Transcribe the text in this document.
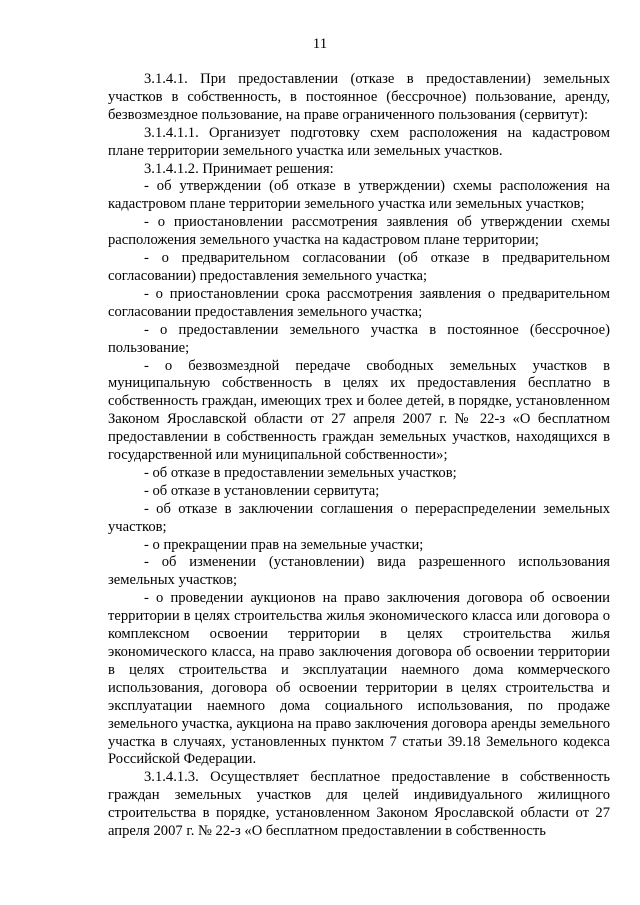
11

3.1.4.1. При предоставлении (отказе в предоставлении) земельных участков в собственность, в постоянное (бессрочное) пользование, аренду, безвозмездное пользование, на праве ограниченного пользования (сервитут):

3.1.4.1.1. Организует подготовку схем расположения на кадастровом плане территории земельного участка или земельных участков.

3.1.4.1.2. Принимает решения:

- об утверждении (об отказе в утверждении) схемы расположения на кадастровом плане территории земельного участка или земельных участков;

- о приостановлении рассмотрения заявления об утверждении схемы расположения земельного участка на кадастровом плане территории;

- о предварительном согласовании (об отказе в предварительном согласовании) предоставления земельного участка;

- о приостановлении срока рассмотрения заявления о предварительном согласовании предоставления земельного участка;

- о предоставлении земельного участка в постоянное (бессрочное) пользование;

- о безвозмездной передаче свободных земельных участков в муниципальную собственность в целях их предоставления бесплатно в собственность граждан, имеющих трех и более детей, в порядке, установленном Законом Ярославской области от 27 апреля 2007 г. № 22-з «О бесплатном предоставлении в собственность граждан земельных участков, находящихся в государственной или муниципальной собственности»;

- об отказе в предоставлении земельных участков;

- об отказе в установлении сервитута;

- об отказе в заключении соглашения о перераспределении земельных участков;

- о прекращении прав на земельные участки;

- об изменении (установлении) вида разрешенного использования земельных участков;

- о проведении аукционов на право заключения договора об освоении территории в целях строительства жилья экономического класса или договора о комплексном освоении территории в целях строительства жилья экономического класса, на право заключения договора об освоении территории в целях строительства и эксплуатации наемного дома коммерческого использования, договора об освоении территории в целях строительства и эксплуатации наемного дома социального использования, по продаже земельного участка, аукциона на право заключения договора аренды земельного участка в случаях, установленных пунктом 7 статьи 39.18 Земельного кодекса Российской Федерации.

3.1.4.1.3. Осуществляет бесплатное предоставление в собственность граждан земельных участков для целей индивидуального жилищного строительства в порядке, установленном Законом Ярославской области от 27 апреля 2007 г. № 22-з «О бесплатном предоставлении в собственность
